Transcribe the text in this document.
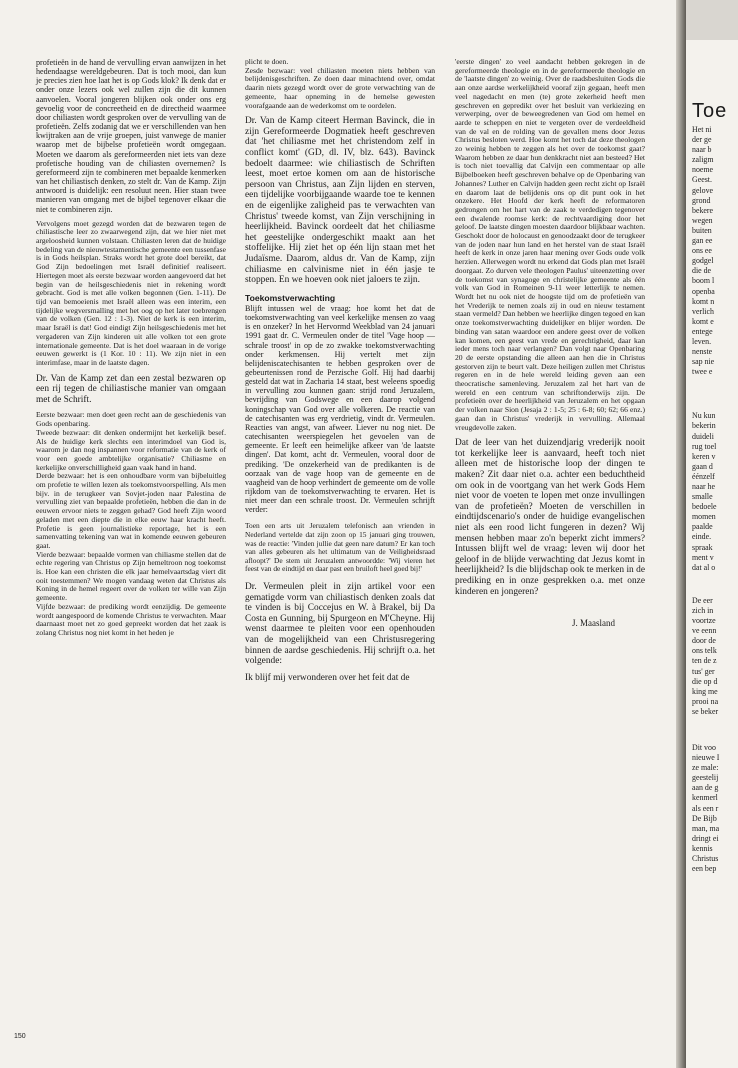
profetieën in de hand de vervulling ervan aanwijzen in het hedendaagse wereldgebeuren. Dat is toch mooi, dan kun je precies zien hoe laat het is op Gods klok? Ik denk dat er onder onze lezers ook wel zullen zijn die dit kunnen aanvoelen. Vooral jongeren blijken ook onder ons erg gevoelig voor de concreetheid en de directheid waarmee door chiliasten wordt gesproken over de vervulling van de profetieën. Zelfs zodanig dat we er verschillenden van hen kwijtraken aan de vrije groepen, juist vanwege de manier waarop met de bijbelse profetieën wordt omgegaan. Moeten we daarom als gereformeerden niet iets van deze profetische houding van de chiliasten overnemen? Is gereformeerd zijn te combineren met bepaalde kenmerken van het chiliastisch denken, zo stelt dr. Van de Kamp. Zijn antwoord is duidelijk: een resoluut neen. Hier staan twee manieren van omgang met de bijbel tegenover elkaar die niet te combineren zijn.

Vervolgens moet gezegd worden dat de bezwaren tegen de chiliastische leer zo zwaarwegend zijn, dat we hier niet met argeloosheid kunnen volstaan. Chiliasten leren dat de huidige bedeling van de nieuwtestamentische gemeente een tussenfase is in Gods heilsplan. Straks wordt het grote doel bereikt, dat God Zijn bedoelingen met Israël definitief realiseert. Hiertegen moet als eerste bezwaar worden aangevoerd dat het begin van de heilsgeschiedenis niet in rekening wordt gebracht. God is met alle volken begonnen (Gen. 1-11). De tijd van bemoeienis met Israël alleen was een interim, een tijdelijke wegversmalling met het oog op het later toebrengen van de volken (Gen. 12 : 1-3). Niet de kerk is een interim, maar Israël is dat! God eindigt Zijn heilsgeschiedenis met het vergaderen van Zijn kinderen uit alle volken tot een grote internationale gemeente. Dat is het doel waaraan in de vorige eeuwen gewerkt is (1 Kor. 10 : 11). We zijn niet in een interimfase, maar in de laatste dagen.

Dr. Van de Kamp zet dan een zestal bezwaren op een rij tegen de chiliastische manier van omgaan met de Schrift.

Eerste bezwaar: men doet geen recht aan de geschiedenis van Gods openbaring.
Tweede bezwaar: dit denken ondermijnt het kerkelijk besef. Als de huidige kerk slechts een interimdoel van God is, waarom je dan nog inspannen voor reformatie van de kerk of voor een goede ambtelijke organisatie? Chiliasme en kerkelijke onverschilligheid gaan vaak hand in hand.
Derde bezwaar: het is een onhoudbare vorm van bijbeluitleg om profetie te willen lezen als toekomstvoorspelling. Als men bijv. in de terugkeer van Sovjet-joden naar Palestina de vervulling ziet van bepaalde profetieën, hebben die dan in de eeuwen ervoor niets te zeggen gehad? God heeft Zijn woord geladen met een diepte die in elke eeuw haar kracht heeft. Profetie is geen journalistieke reportage, het is een samenvatting tekening van wat in komende eeuwen gebeuren gaat.
Vierde bezwaar: bepaalde vormen van chiliasme stellen dat de echte regering van Christus op Zijn hemeltroon nog toekomst is. Hoe kan een christen die elk jaar hemelvaartsdag viert dit ooit toestemmen? We mogen vandaag weten dat Christus als Koning in de hemel regeert over de volken ter wille van Zijn gemeente.
Vijfde bezwaar: de prediking wordt eenzijdig. De gemeente wordt aangespoord de komende Christus te verwachten. Maar daarnaast moet net zo goed gepreekt worden dat het zaak is zolang Christus nog niet komt in het heden je

plicht te doen.
Zesde bezwaar: veel chiliasten moeten niets hebben van belijdenisgeschriften. Ze doen daar minachtend over, omdat daarin niets gezegd wordt over de grote verwachting van de gemeente, haar opneming in de hemelse gewesten voorafgaande aan de wederkomst om te oordelen.

Dr. Van de Kamp citeert Herman Bavinck, die in zijn Gereformeerde Dogmatiek heeft geschreven dat 'het chiliasme met het christendom zelf in conflict komt' (GD, dl. IV, blz. 643). Bavinck bedoelt daarmee: wie chiliastisch de Schriften leest, moet ertoe komen om aan de historische persoon van Christus, aan Zijn lijden en sterven, een tijdelijke voorbijgaande waarde toe te kennen en de eigenlijke zaligheid pas te verwachten van Christus' tweede komst, van Zijn verschijning in heerlijkheid. Bavinck oordeelt dat het chiliasme het geestelijke ondergeschikt maakt aan het stoffelijke. Hij ziet het op één lijn staan met het Judaïsme. Daarom, aldus dr. Van de Kamp, zijn chiliasme en calvinisme niet in één jasje te stoppen. En we hoeven ook niet jaloers te zijn.

Toekomstverwachting

Blijft intussen wel de vraag: hoe komt het dat de toekomstverwachting van veel kerkelijke mensen zo vaag is en onzeker? In het Hervormd Weekblad van 24 januari 1991 gaat dr. C. Vermeulen onder de titel 'Vage hoop — schrale troost' in op de zo zwakke toekomstverwachting onder kerkmensen. Hij vertelt met zijn belijdeniscatechisanten te hebben gesproken over de gebeurtenissen rond de Perzische Golf. Hij had daarbij gesteld dat wat in Zacharia 14 staat, best weleens spoedig in vervulling zou kunnen gaan: strijd rond Jeruzalem, bevrijding van Godswege en een daarop volgend koningschap van God over alle volkeren. De reactie van de catechisanten was erg verdrietig, vindt dr. Vermeulen. Reacties van angst, van afweer. Liever nu nog niet. De catechisanten weerspiegelen het gevoelen van de gemeente. Er leeft een heimelijke afkeer van 'de laatste dingen'. Dat komt, acht dr. Vermeulen, vooral door de prediking. 'De onzekerheid van de predikanten is de oorzaak van de vage hoop van de gemeente en de vaagheid van de hoop verhindert de gemeente om de volle rijkdom van de toekomstverwachting te ervaren. Het is niet meer dan een schrale troost. Dr. Vermeulen schrijft verder:

Toen een arts uit Jeruzalem telefonisch aan vrienden in Nederland vertelde dat zijn zoon op 15 januari ging trouwen, was de reactie: 'Vinden jullie dat geen nare datum? Er kan toch van alles gebeuren als het ultimatum van de Veiligheidsraad afloopt?' De stem uit Jeruzalem antwoordde: 'Wij vieren het feest van de eindtijd en daar past een bruiloft heel goed bij!'

Dr. Vermeulen pleit in zijn artikel voor een gematigde vorm van chiliastisch denken zoals dat te vinden is bij Coccejus en W. à Brakel, bij Da Costa en Gunning, bij Spurgeon en M'Cheyne. Hij wenst daarmee te pleiten voor een openhouden van de mogelijkheid van een Christusregering binnen de aardse geschiedenis. Hij schrijft o.a. het volgende:

Ik blijf mij verwonderen over het feit dat de

'eerste dingen' zo veel aandacht hebben gekregen in de gereformeerde theologie en in de gereformeerde theologie en de 'laatste dingen' zo weinig. Over de raadsbesluiten Gods die aan onze aardse werkelijkheid vooraf zijn gegaan, heeft men veel nagedacht en men (te) grote zekerheid heeft men geschreven en gepredikt over het besluit van verkiezing en verwerping, over de beweegredenen van God om hemel en aarde te scheppen en niet te vergeten over de verdeeldheid van de val en de rolding van de gevallen mens door Jezus Christus besloten werd. Hoe komt het toch dat deze theologen zo weinig hebben te zeggen als het over de toekomst gaat? Waarom hebben ze daar hun denkkracht niet aan besteed? Het is toch niet toevallig dat Calvijn een commentaar op alle Bijbelboeken heeft geschreven behalve op de Openbaring van Johannes? Luther en Calvijn hadden geen recht zicht op Israël en daarom laat de belijdenis ons op dit punt ook in het onzekere. Het Hoofd der kerk heeft de reformatoren gedrongen om het hart van de zaak te verdedigen tegenover een dwalende roomse kerk: de rechtvaardiging door het geloof. De laatste dingen moesten daardoor blijkbaar wachten. Geschokt door de holocaust en genoodzaakt door de terugkeer van de joden naar hun land en het herstel van de staat Israël heeft de kerk in onze jaren haar mening over Gods oude volk herzien. Allerwegen wordt nu erkend dat Gods plan met Israël doorgaat. Zo durven vele theologen Paulus' uiteenzetting over de toekomst van synagoge en christelijke gemeente als één volk van God in Romeinen 9-11 weer letterlijk te nemen. Wordt het nu ook niet de hoogste tijd om de profetieën van het Vrederijk te nemen zoals zij in oud en nieuw testament staan vermeld? Dan hebben we heerlijke dingen tegoed en kan onze toekomstverwachting duidelijker en blijer worden. De binding van satan waardoor een andere geest over de volken kan komen, een geest van vrede en gerechtigheid, daar kan ieder mens toch naar verlangen? Dan volgt naar Openbaring 20 de eerste opstanding die alleen aan hen die in Christus gestorven zijn te beurt valt. Deze heiligen zullen met Christus regeren en in de hele wereld leiding geven aan een theocratische samenleving. Jeruzalem zal het hart van de wereld en een centrum van schriftonderwijs zijn. De profetieën over de heerlijkheid van Jeruzalem en het opgaan der volken naar Sion (Jesaja 2 : 1-5; 25 : 6-8; 60; 62; 66 enz.) gaan dan in Christus' vrederijk in vervulling. Allemaal vreugdevolle zaken.

Dat de leer van het duizendjarig vrederijk nooit tot kerkelijke leer is aanvaard, heeft toch niet alleen met de historische loop der dingen te maken? Zit daar niet o.a. achter een beduchtheid om ook in de voortgang van het werk Gods Hem niet voor de voeten te lopen met onze invullingen van de profetieën? Moeten de verschillen in eindtijdscenario's onder de huidige evangelischen niet als een rood licht fungeren in dezen? Wij mensen hebben maar zo'n beperkt zicht immers? Intussen blijft wel de vraag: leven wij door het geloof in de blijde verwachting dat Jezus komt in heerlijkheid? Is die blijdschap ook te merken in de prediking en in onze gesprekken o.a. met onze kinderen en jongeren?

J. Maasland

150
Toe
Het ni
der ge
naar b
zaligm
noeme
Geest.
gelove
grond
bekere
wegen
buiten
gan ee
ons ee
godgel
die de
boom l
openba
komt n
verlich
komt e
entege
leven.
nenste
sap nie
twee e
Nu kun
bekerin
duideli
rug toel
keren v
gaan d
éénzelf
naar he
smalle
bedoele
momen
paalde
einde.
spraak
ment v
dat al o
De eer
zich in
voortze
ve eenn
door de
ons telk
ten de z
tus' ger
die op d
king me
prooi na
se beker
Dit voo
nieuwe I
ze male:
geestelij
aan de g
kenmerl
als een r
De Bijb
man, ma
dringt ei
kennis
Christus
een bep
